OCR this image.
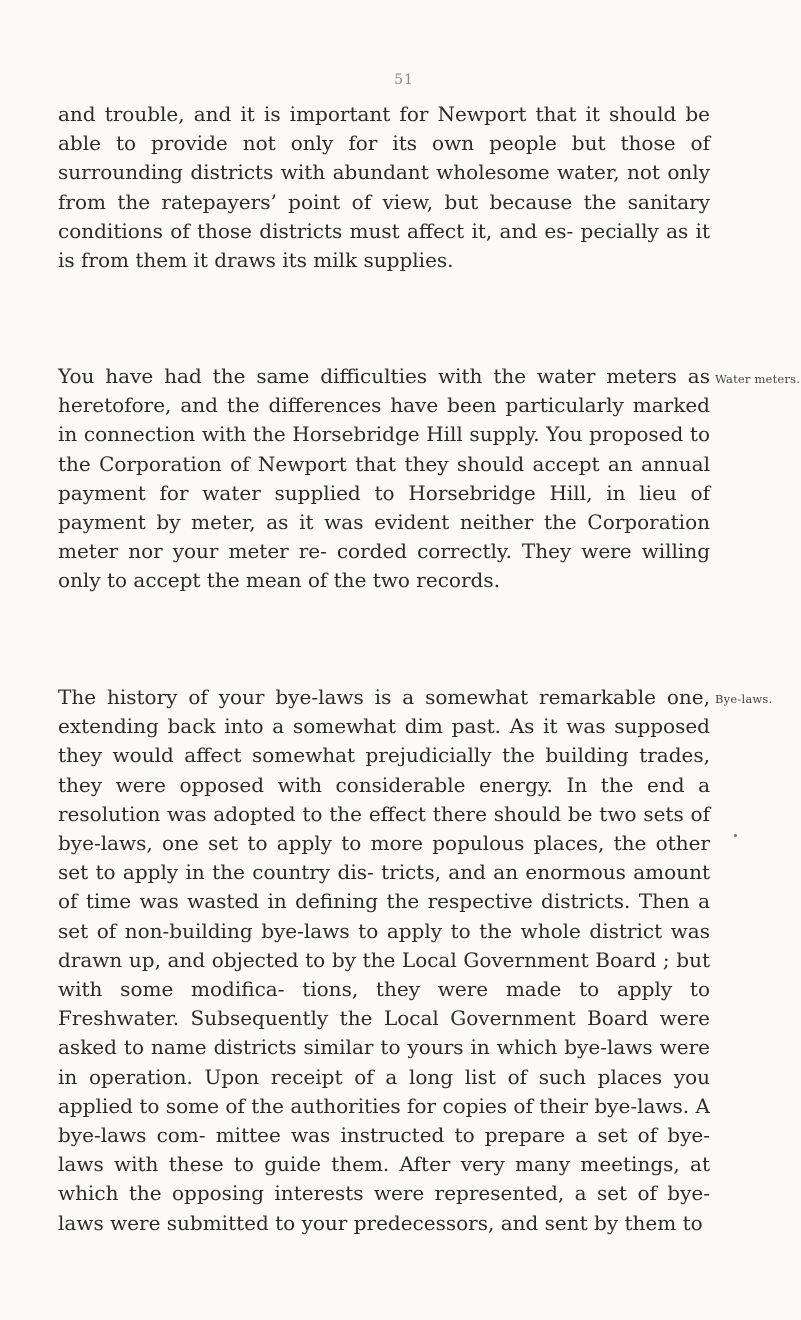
51

and trouble, and it is important for Newport that it should be able to provide not only for its own people but those of surrounding districts with abundant wholesome water, not only from the ratepayers’ point of view, but because the sanitary conditions of those districts must affect it, and es- pecially as it is from them it draws its milk supplies.

Water meters.

You have had the same difficulties with the water meters as heretofore, and the differences have been particularly marked in connection with the Horsebridge Hill supply. You proposed to the Corporation of Newport that they should accept an annual payment for water supplied to Horsebridge Hill, in lieu of payment by meter, as it was evident neither the Corporation meter nor your meter re- corded correctly. They were willing only to accept the mean of the two records.

Bye-laws.

The history of your bye-laws is a somewhat remarkable one, extending back into a somewhat dim past. As it was supposed they would affect somewhat prejudicially the building trades, they were opposed with considerable energy. In the end a resolution was adopted to the effect there should be two sets of bye-laws, one set to apply to more populous places, the other set to apply in the country dis- tricts, and an enormous amount of time was wasted in defining the respective districts. Then a set of non-building bye-laws to apply to the whole district was drawn up, and objected to by the Local Government Board ; but with some modifica- tions, they were made to apply to Freshwater. Subsequently the Local Government Board were asked to name districts similar to yours in which bye-laws were in operation. Upon receipt of a long list of such places you applied to some of the authorities for copies of their bye-laws. A bye-laws com- mittee was instructed to prepare a set of bye-laws with these to guide them. After very many meetings, at which the opposing interests were represented, a set of bye-laws were submitted to your predecessors, and sent by them to
